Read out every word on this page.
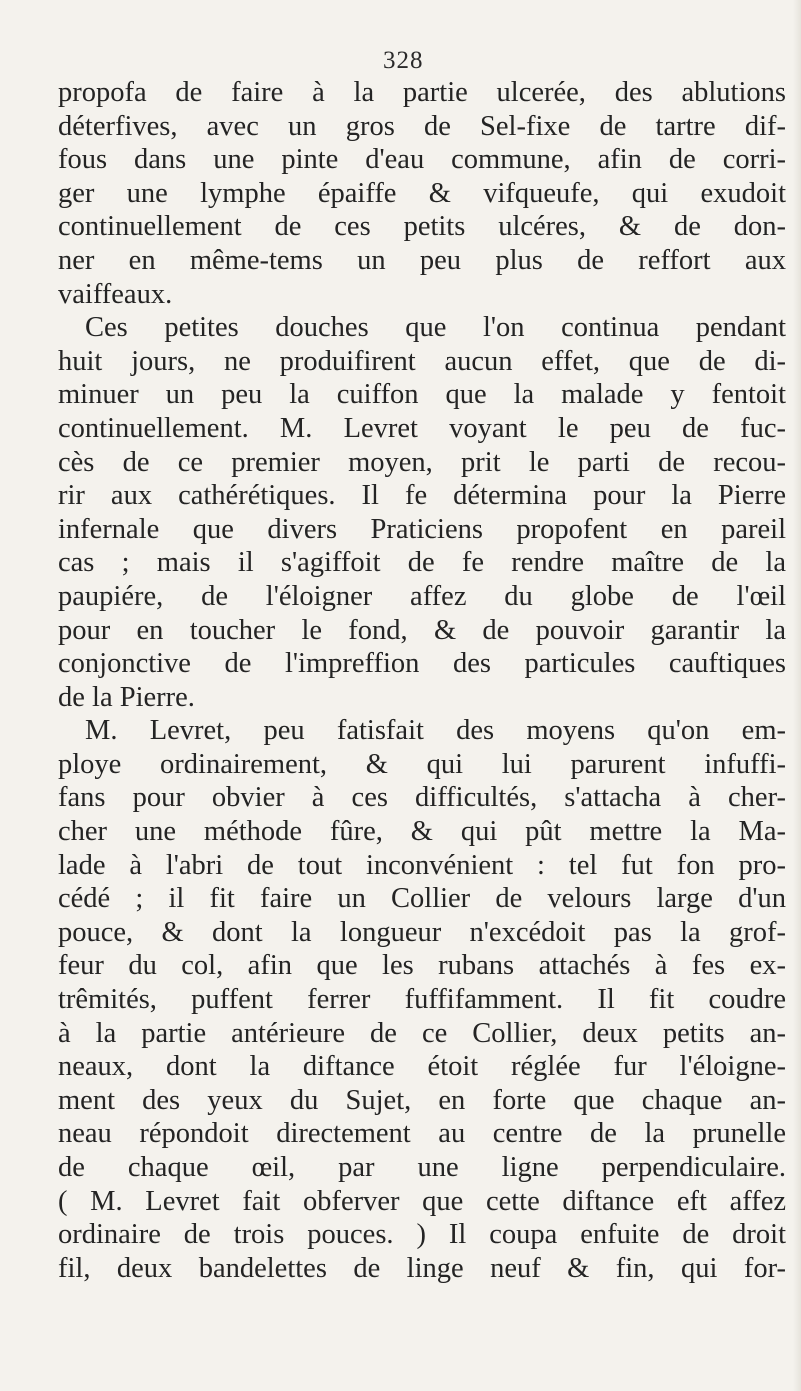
328
propofa de faire à la partie ulcerée, des ablutions
déterfives, avec un gros de Sel-fixe de tartre dif-
fous dans une pinte d'eau commune, afin de corri-
ger une lymphe épaiffe & vifqueufe, qui exudoit
continuellement de ces petits ulcéres, & de don-
ner en même-tems un peu plus de reffort aux
vaiffeaux.
Ces petites douches que l'on continua pendant
huit jours, ne produifirent aucun effet, que de di-
minuer un peu la cuiffon que la malade y fentoit
continuellement. M. Levret voyant le peu de fuc-
cès de ce premier moyen, prit le parti de recou-
rir aux cathérétiques. Il fe détermina pour la Pierre
infernale que divers Praticiens propofent en pareil
cas ; mais il s'agiffoit de fe rendre maître de la
paupiére, de l'éloigner affez du globe de l'œil
pour en toucher le fond, & de pouvoir garantir la
conjonctive de l'impreffion des particules cauftiques
de la Pierre.
M. Levret, peu fatisfait des moyens qu'on em-
ploye ordinairement, & qui lui parurent infuffi-
fans pour obvier à ces difficultés, s'attacha à cher-
cher une méthode fûre, & qui pût mettre la Ma-
lade à l'abri de tout inconvénient : tel fut fon pro-
cédé ; il fit faire un Collier de velours large d'un
pouce, & dont la longueur n'excédoit pas la grof-
feur du col, afin que les rubans attachés à fes ex-
trêmités, puffent ferrer fuffifamment. Il fit coudre
à la partie antérieure de ce Collier, deux petits an-
neaux, dont la diftance étoit réglée fur l'éloigne-
ment des yeux du Sujet, en forte que chaque an-
neau répondoit directement au centre de la prunelle
de chaque œil, par une ligne perpendiculaire.
( M. Levret fait obferver que cette diftance eft affez
ordinaire de trois pouces. ) Il coupa enfuite de droit
fil, deux bandelettes de linge neuf & fin, qui for-
